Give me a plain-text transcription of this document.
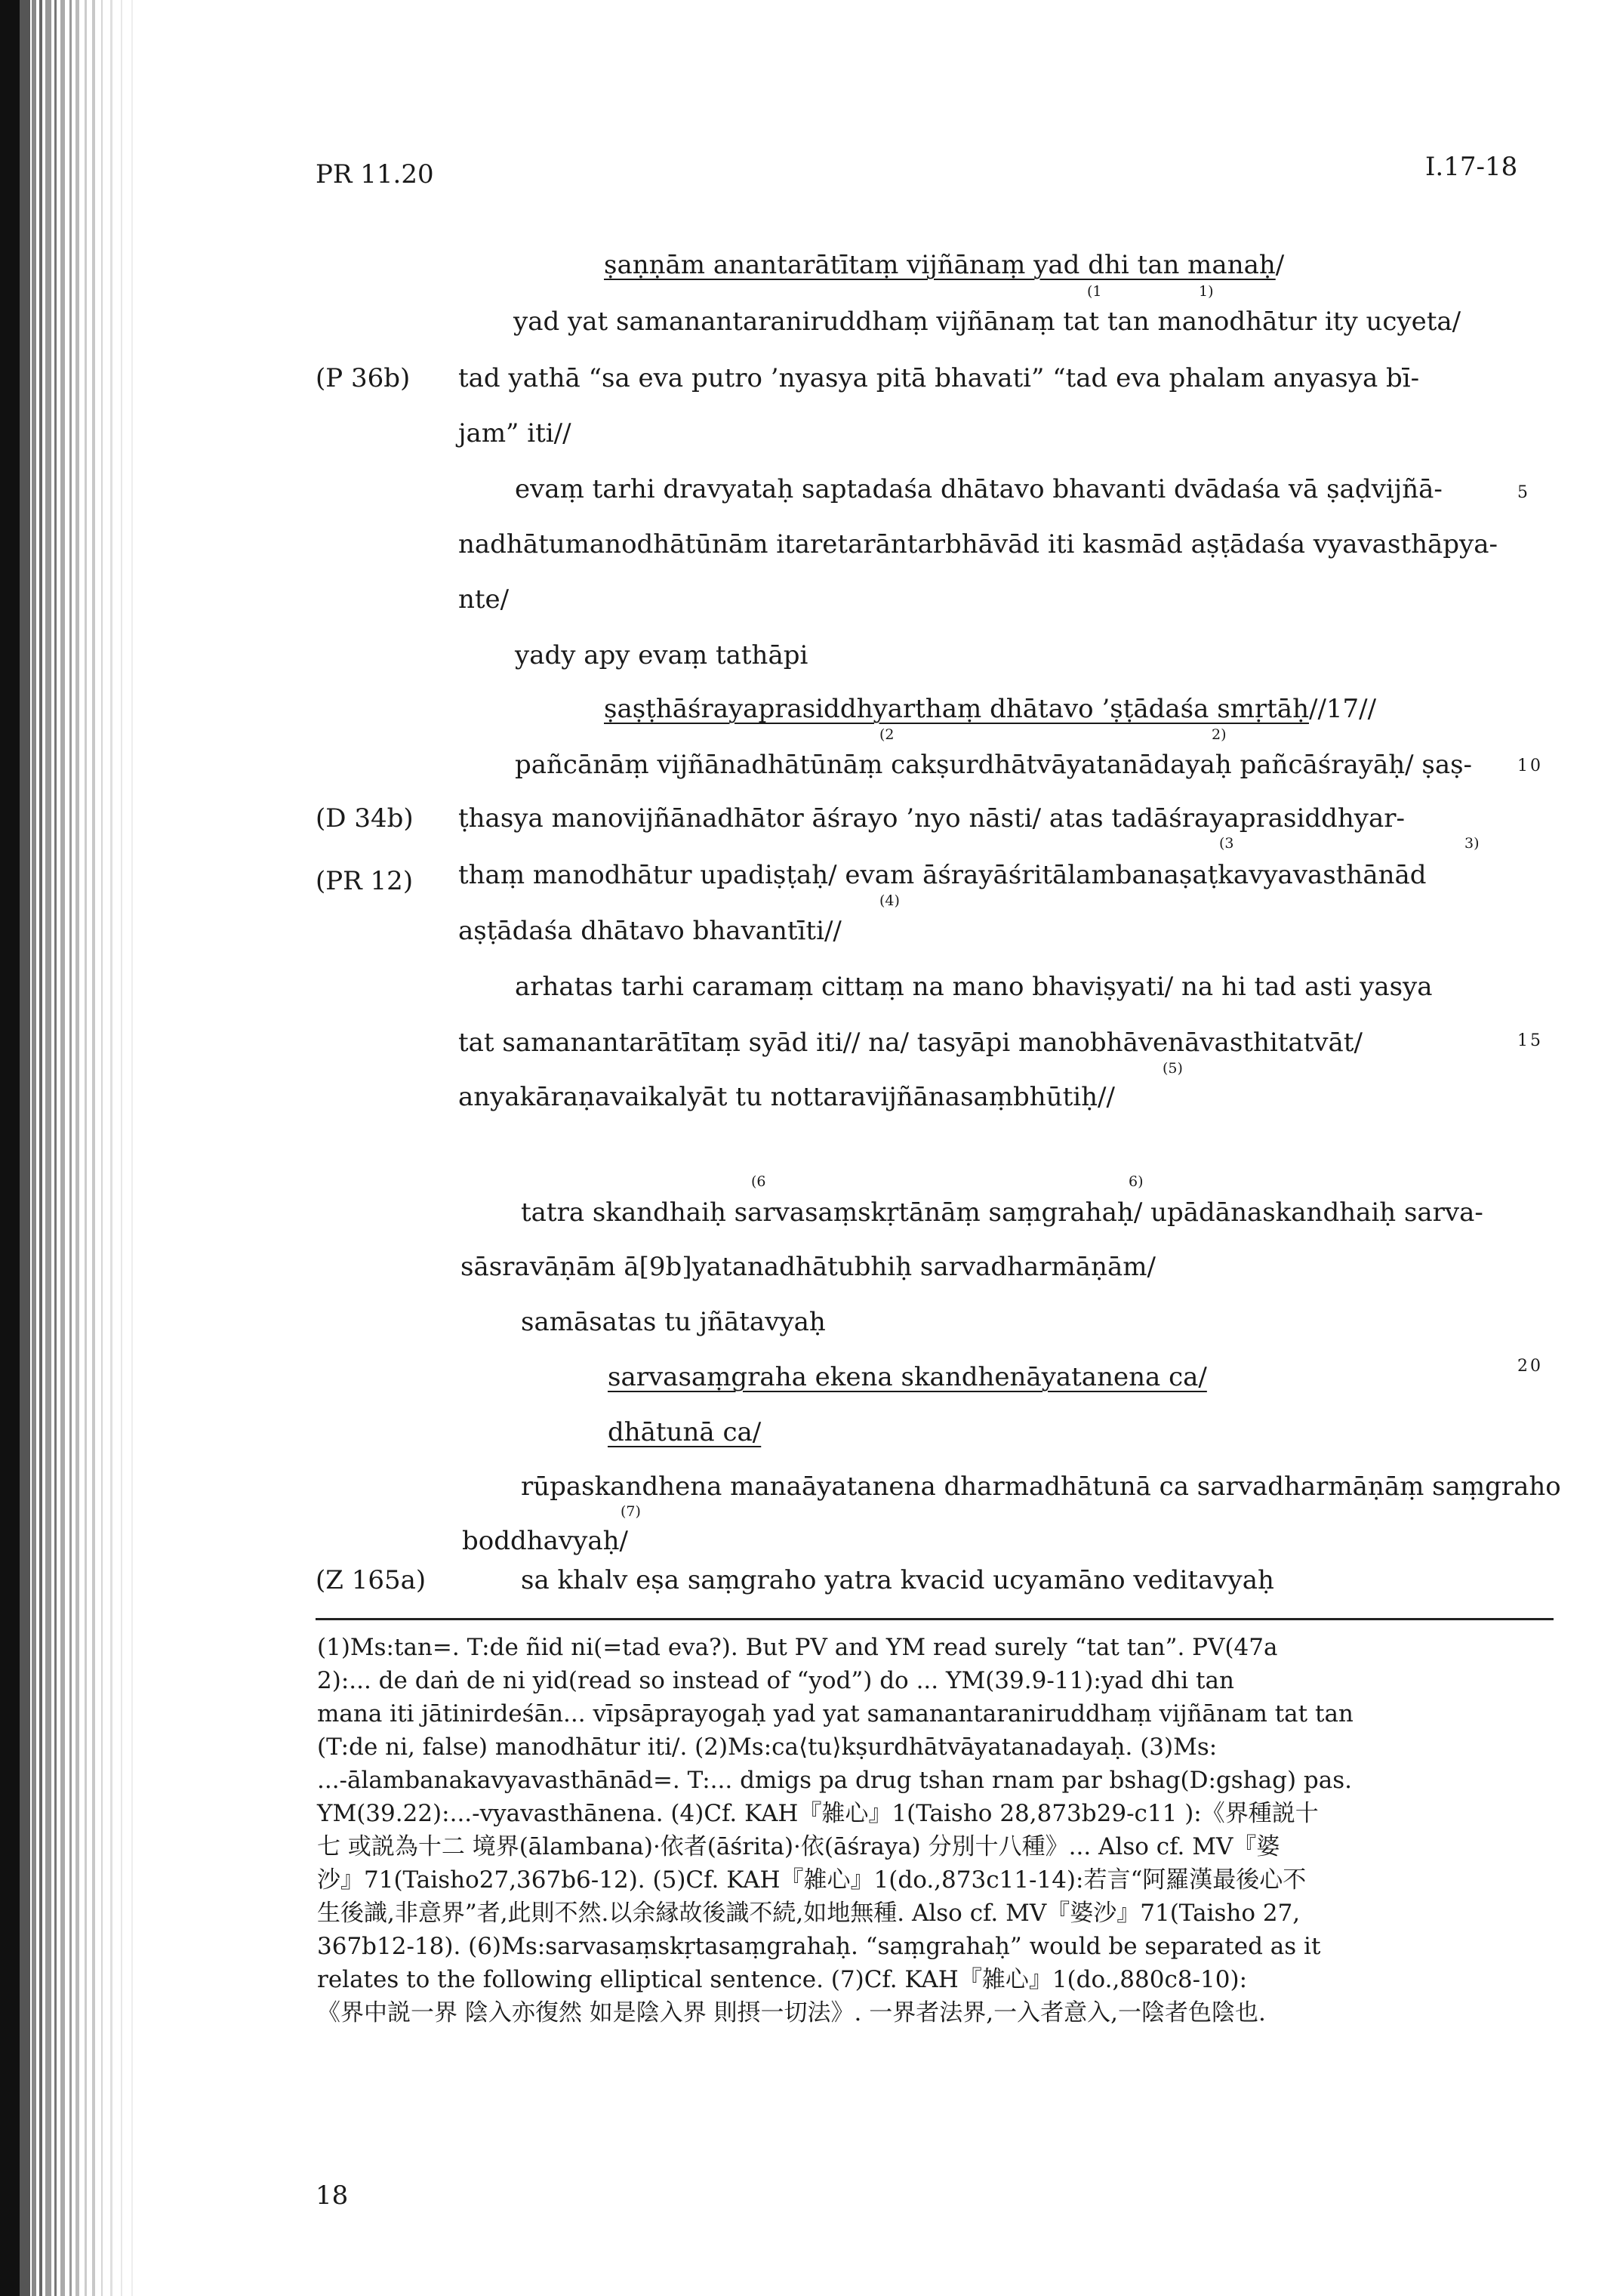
PR 11.20	I.17-18
(P 36b)
(D 34b)
(PR 12)
(Z 165a)
5
10
15
20
ṣaṇṇām anantarātītaṃ vijñānaṃ yad dhi tan manaḥ/
(1	1)
yad yat samanantaraniruddhaṃ vijñānaṃ tat tan manodhātur ity ucyeta/
tad yathā “sa eva putro ’nyasya pitā bhavati” “tad eva phalam anyasya bī-
jam” iti//
evaṃ tarhi dravyataḥ saptadaśa dhātavo bhavanti dvādaśa vā ṣaḍvijñā-
nadhātumanodhātūnām itaretarāntarbhāvād iti kasmād aṣṭādaśa vyavasthāpya-
nte/
yady apy evaṃ tathāpi
ṣaṣṭhāśrayaprasiddhyarthaṃ dhātavo ’ṣṭādaśa smṛtāḥ//17//
(2	2)
pañcānāṃ vijñānadhātūnāṃ cakṣurdhātvāyatanādayaḥ pañcāśrayāḥ/ ṣaṣ-
ṭhasya manovijñānadhātor āśrayo ’nyo nāsti/ atas tadāśrayaprasiddhyar-
(3	3)
thaṃ manodhātur upadiṣṭaḥ/ evam āśrayāśritālambanaṣaṭkavyavasthānād
(4)
aṣṭādaśa dhātavo bhavantīti//
arhatas tarhi caramaṃ cittaṃ na mano bhaviṣyati/ na hi tad asti yasya
tat samanantarātītaṃ syād iti// na/ tasyāpi manobhāvenāvasthitatvāt/
(5)
anyakāraṇavaikalyāt tu nottaravijñānasaṃbhūtiḥ//
(6	6)
tatra skandhaiḥ sarvasaṃskṛtānāṃ saṃgrahaḥ/ upādānaskandhaiḥ sarva-
sāsravāṇām ā[9b]yatanadhātubhiḥ sarvadharmāṇām/
samāsatas tu jñātavyaḥ
sarvasaṃgraha ekena skandhenāyatanena ca/
dhātunā ca/
rūpaskandhena manaāyatanena dharmadhātunā ca sarvadharmāṇāṃ saṃgraho
(7)
boddhavyaḥ/
sa khalv eṣa saṃgraho yatra kvacid ucyamāno veditavyaḥ
(1)Ms:tan=. T:de ñid ni(=tad eva?). But PV and YM read surely “tat tan”. PV(47a
2):... de daṅ de ni yid(read so instead of “yod”) do ... YM(39.9-11):yad dhi tan
mana iti jātinirdeśān... vīpsāprayogaḥ yad yat samanantaraniruddhaṃ vijñānam tat tan
(T:de ni, false) manodhātur iti/. (2)Ms:ca⟨tu⟩kṣurdhātvāyatanadayaḥ. (3)Ms:
...-ālambanakavyavasthānād=. T:... dmigs pa drug tshan rnam par bshag(D:gshag) pas.
YM(39.22):...-vyavasthānena. (4)Cf. KAH『雑心』1(Taisho 28,873b29-c11 ):《界種説十
七 或説為十二 境界(ālambana)·依者(āśrita)·依(āśraya) 分別十八種》... Also cf. MV『婆
沙』71(Taisho27,367b6-12). (5)Cf. KAH『雑心』1(do.,873c11-14):若言“阿羅漢最後心不
生後識,非意界”者,此則不然.以余縁故後識不続,如地無種. Also cf. MV『婆沙』71(Taisho 27,
367b12-18). (6)Ms:sarvasaṃskṛtasaṃgrahaḥ. “saṃgrahaḥ” would be separated as it
relates to the following elliptical sentence. (7)Cf. KAH『雑心』1(do.,880c8-10):
《界中説一界 陰入亦復然 如是陰入界 則摂一切法》. 一界者法界,一入者意入,一陰者色陰也.
18
